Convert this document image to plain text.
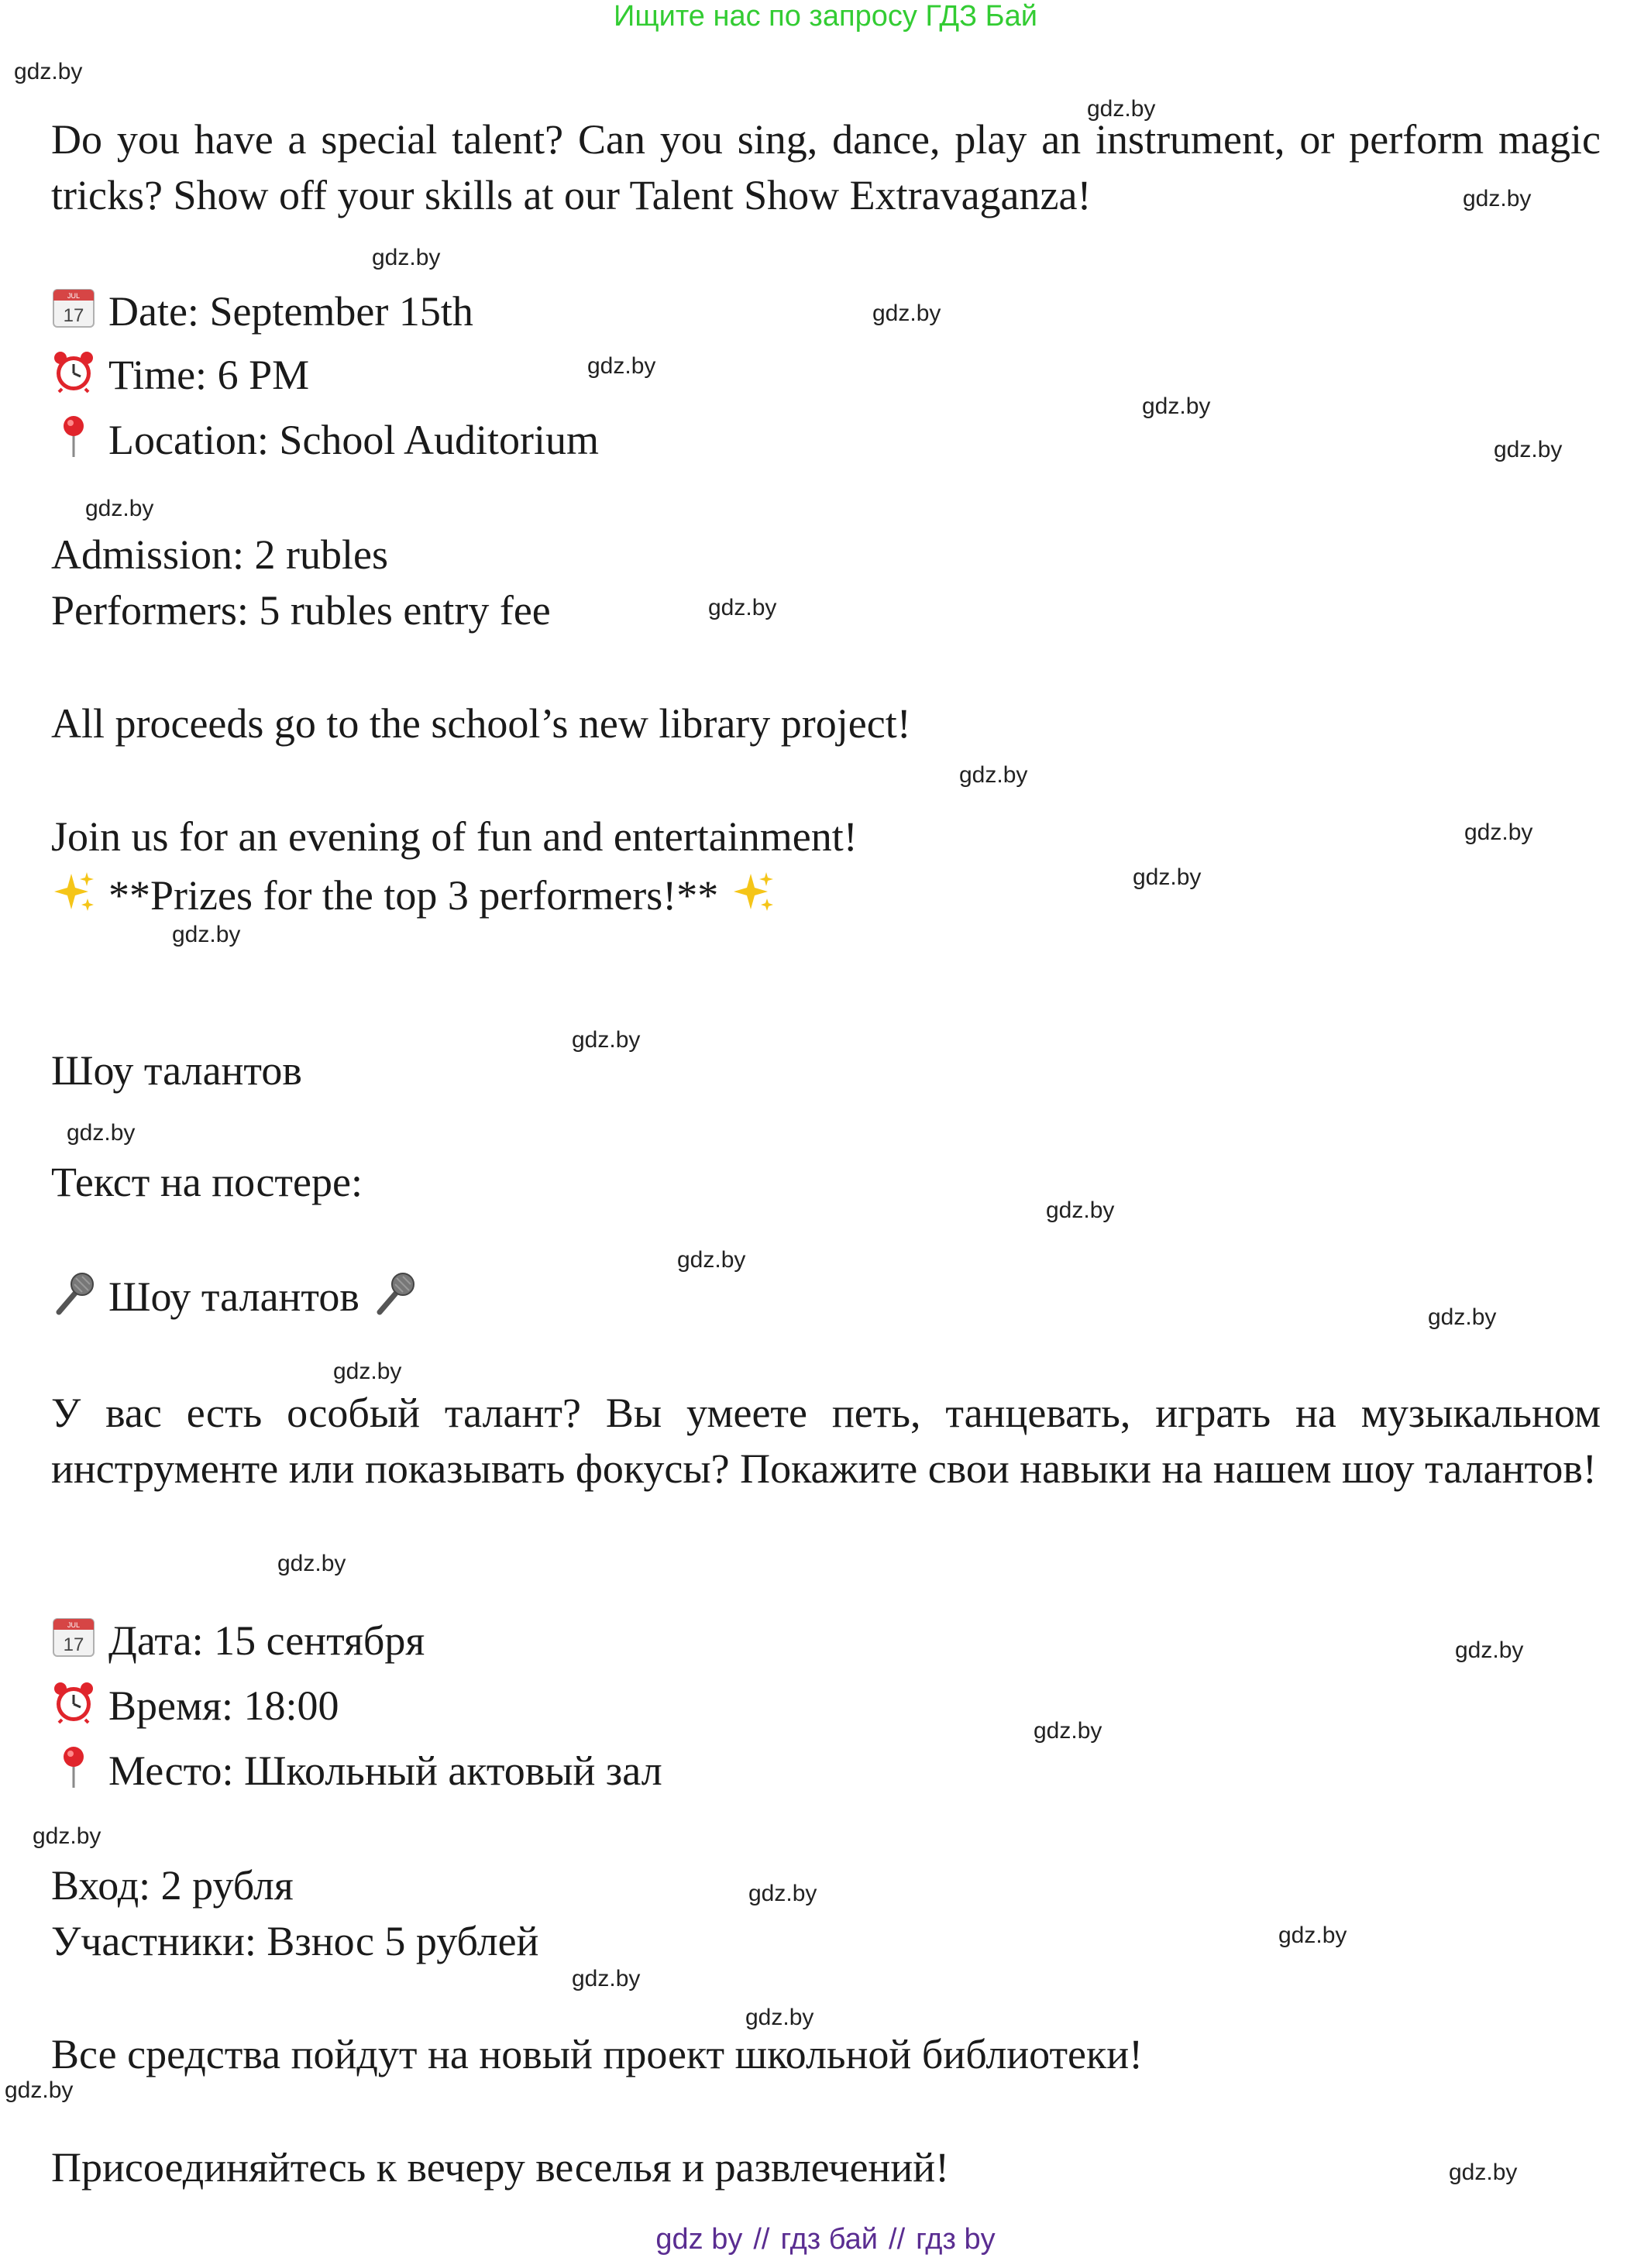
Ищите нас по запросу ГДЗ Бай
gdz.by
gdz.by
gdz.by
gdz.by
gdz.by
gdz.by
gdz.by
gdz.by
gdz.by
gdz.by
gdz.by
gdz.by
gdz.by
gdz.by
gdz.by
gdz.by
gdz.by
gdz.by
gdz.by
gdz.by
gdz.by
gdz.by
gdz.by
gdz.by
gdz.by
gdz.by
gdz.by
gdz.by
gdz.by
gdz.by
Do you have a special talent? Can you sing, dance, play an instrument, or perform magic tricks? Show off your skills at our Talent Show Extravaganza!
JUL
17 Date: September 15th
Time: 6 PM
Location: School Auditorium
Admission: 2 rubles
Performers: 5 rubles entry fee
All proceeds go to the school’s new library project!
Join us for an evening of fun and entertainment!
**Prizes for the top 3 performers!**
Шоу талантов
Текст на постере:
Шоу талантов
У вас есть особый талант? Вы умеете петь, танцевать, играть на музыкальном инструменте или показывать фокусы? Покажите свои навыки на нашем шоу талантов!
JUL
17 Дата: 15 сентября
Время: 18:00
Место: Школьный актовый зал
Вход: 2 рубля
Участники: Взнос 5 рублей
Все средства пойдут на новый проект школьной библиотеки!
Присоединяйтесь к вечеру веселья и развлечений!
gdz by // гдз бай // гдз by
